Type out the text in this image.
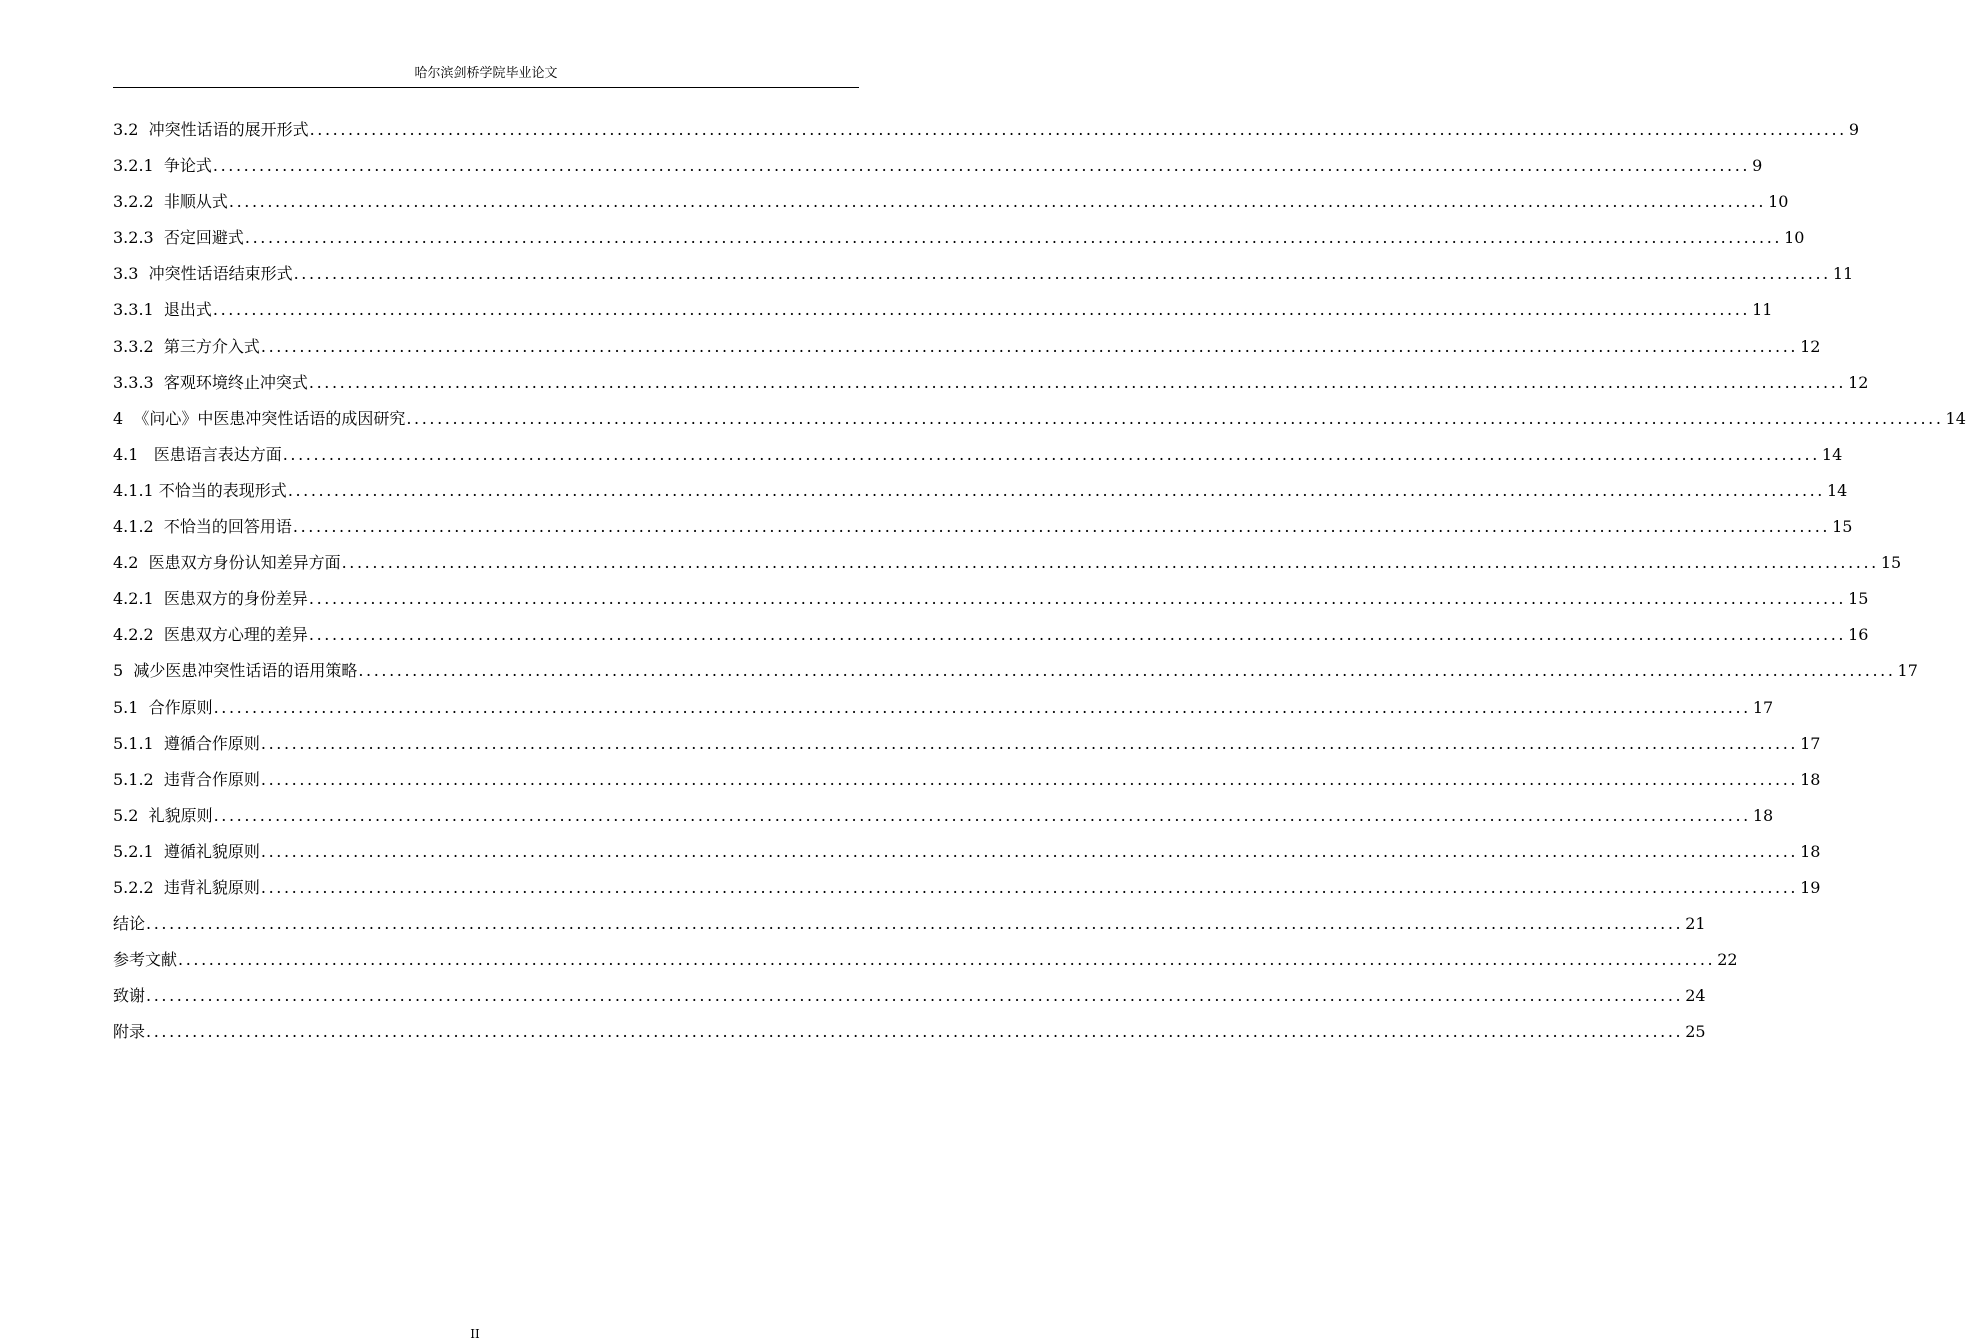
哈尔滨剑桥学院毕业论文
3.2  冲突性话语的展开形式 ........................................................................................................................................................................................................ 9
3.2.1  争论式 ........................................................................................................................................................................................................ 9
3.2.2  非顺从式 ........................................................................................................................................................................................................ 10
3.2.3  否定回避式 ........................................................................................................................................................................................................ 10
3.3  冲突性话语结束形式 ........................................................................................................................................................................................................ 11
3.3.1  退出式 ........................................................................................................................................................................................................ 11
3.3.2  第三方介入式 ........................................................................................................................................................................................................ 12
3.3.3  客观环境终止冲突式 ........................................................................................................................................................................................................ 12
4  《问心》中医患冲突性话语的成因研究 ........................................................................................................................................................................................................ 14
4.1   医患语言表达方面 ........................................................................................................................................................................................................ 14
4.1.1 不恰当的表现形式 ........................................................................................................................................................................................................ 14
4.1.2  不恰当的回答用语 ........................................................................................................................................................................................................ 15
4.2  医患双方身份认知差异方面 ........................................................................................................................................................................................................ 15
4.2.1  医患双方的身份差异 ........................................................................................................................................................................................................ 15
4.2.2  医患双方心理的差异 ........................................................................................................................................................................................................ 16
5  减少医患冲突性话语的语用策略 ........................................................................................................................................................................................................ 17
5.1  合作原则 ........................................................................................................................................................................................................ 17
5.1.1  遵循合作原则 ........................................................................................................................................................................................................ 17
5.1.2  违背合作原则 ........................................................................................................................................................................................................ 18
5.2  礼貌原则 ........................................................................................................................................................................................................ 18
5.2.1  遵循礼貌原则 ........................................................................................................................................................................................................ 18
5.2.2  违背礼貌原则 ........................................................................................................................................................................................................ 19
结论 ........................................................................................................................................................................................................ 21
参考文献 ........................................................................................................................................................................................................ 22
致谢 ........................................................................................................................................................................................................ 24
附录 ........................................................................................................................................................................................................ 25
II
